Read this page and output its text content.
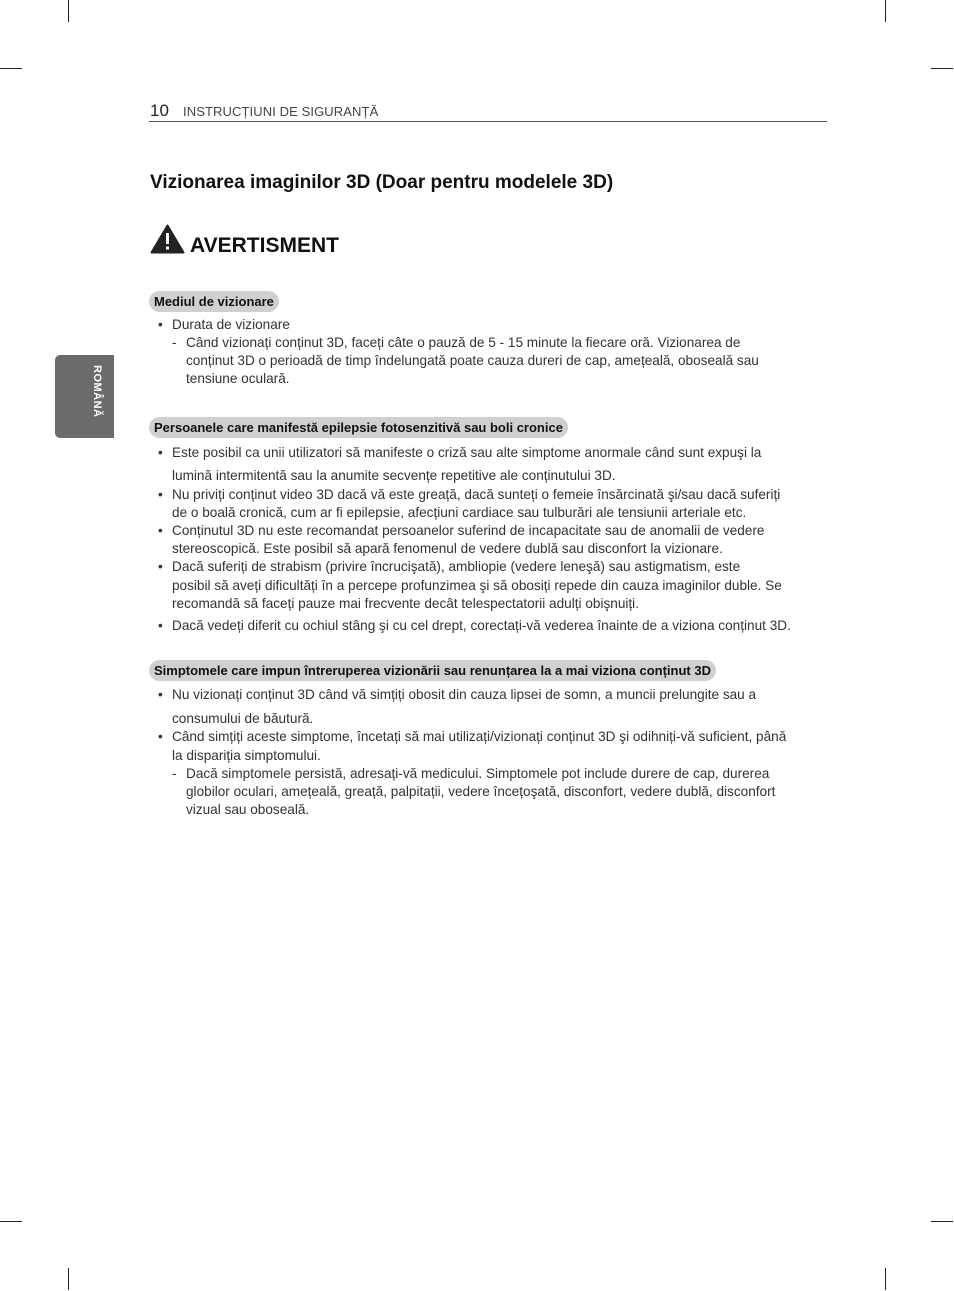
10 INSTRUCȚIUNI DE SIGURANȚĂ
ROMÂNĂ
Vizionarea imaginilor 3D (Doar pentru modelele 3D)
AVERTISMENT
Mediul de vizionare
• Durata de vizionare
- Când vizionați conținut 3D, faceți câte o pauză de 5 - 15 minute la fiecare oră. Vizionarea de
conținut 3D o perioadă de timp îndelungată poate cauza dureri de cap, amețeală, oboseală sau
tensiune oculară.
Persoanele care manifestă epilepsie fotosenzitivă sau boli cronice
• Este posibil ca unii utilizatori să manifeste o criză sau alte simptome anormale când sunt expuşi la
lumină intermitentă sau la anumite secvențe repetitive ale conținutului 3D.
• Nu priviți conținut video 3D dacă vă este greață, dacă sunteți o femeie însărcinată şi/sau dacă suferiți
de o boală cronică, cum ar fi epilepsie, afecțiuni cardiace sau tulburări ale tensiunii arteriale etc.
• Conținutul 3D nu este recomandat persoanelor suferind de incapacitate sau de anomalii de vedere
stereoscopică. Este posibil să apară fenomenul de vedere dublă sau disconfort la vizionare.
• Dacă suferiți de strabism (privire încrucişată), ambliopie (vedere leneşă) sau astigmatism, este
posibil să aveți dificultăți în a percepe profunzimea şi să obosiți repede din cauza imaginilor duble. Se
recomandă să faceți pauze mai frecvente decât telespectatorii adulți obişnuiți.
• Dacă vedeți diferit cu ochiul stâng şi cu cel drept, corectați-vă vederea înainte de a viziona conținut 3D.
Simptomele care impun întreruperea vizionării sau renunțarea la a mai viziona conținut 3D
• Nu vizionați conținut 3D când vă simțiți obosit din cauza lipsei de somn, a muncii prelungite sau a
consumului de băutură.
• Când simțiți aceste simptome, încetați să mai utilizați/vizionați conținut 3D şi odihniți-vă suficient, până
la dispariția simptomului.
- Dacă simptomele persistă, adresați-vă medicului. Simptomele pot include durere de cap, durerea
globilor oculari, amețeală, greață, palpitații, vedere încețoşată, disconfort, vedere dublă, disconfort
vizual sau oboseală.
